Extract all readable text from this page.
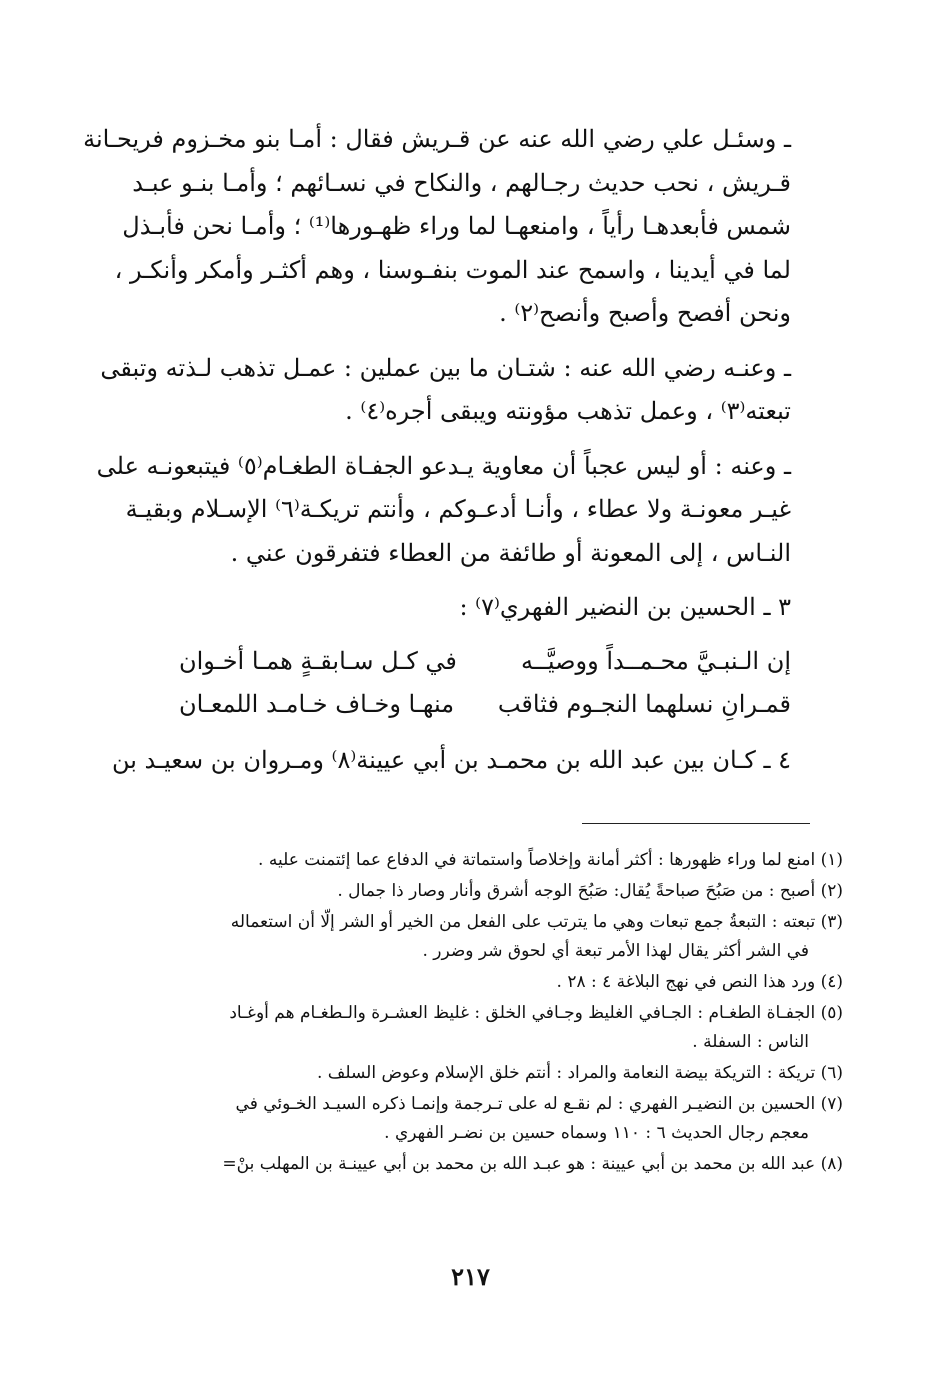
ـ وسئـل علي رضي الله عنه عن قـريش فقال : أمـا بنو مخـزوم فريحـانة
قـريش ، نحب حديث رجـالهم ، والنكاح في نسـائهم ؛ وأمـا بنـو عبـد
شمس فأبعدهـا رأياً ، وامنعهـا لما وراء ظهـورها⁽¹⁾ ؛ وأمـا نحن فأبـذل
لما في أيدينا ، واسمح عند الموت بنفـوسنا ، وهم أكثـر وأمكر وأنكـر ،
ونحن أفصح وأصبح وأنصح⁽٢⁾ .
ـ وعنـه رضي الله عنه : شتـان ما بين عملين : عمـل تذهب لـذته وتبقى
تبعته⁽٣⁾ ، وعمل تذهب مؤونته ويبقى أجره⁽٤⁾ .
ـ وعنه : أو ليس عجباً أن معاوية يـدعو الجفـاة الطغـام⁽٥⁾ فيتبعونـه على
غيـر معونـة ولا عطاء ، وأنـا أدعـوكم ، وأنتم تريكـة⁽٦⁾ الإسـلام وبقيـة
النـاس ، إلى المعونة أو طائفة من العطاء فتفرقون عني .
٣ ـ الحسين بن النضير الفهري⁽٧⁾ :
إن الـنبـيَّ محـمــداً ووصيَّــه
في كـل سـابقـةٍ همـا أخـوان
قمـرانِ نسلهما النجـوم فثاقب
منهـا وخـاف خـامـد اللمعـان
٤ ـ كـان بين عبد الله بن محمـد بن أبي عيينة⁽٨⁾ ومـروان بن سعيـد بن
(١) امنع لما وراء ظهورها : أكثر أمانة وإخلاصاً واستماتة في الدفاع عما إئتمنت عليه .
(٢) أصبح : من صَبُحَ صباحةً يُقال: صَبُحَ الوجه أشرق وأنار وصار ذا جمال .
(٣) تبعته : التبعةُ جمع تبعات وهي ما يترتب على الفعل من الخير أو الشر إلّا أن استعماله
في الشر أكثر يقال لهذا الأمر تبعة أي لحوق شر وضرر .
(٤) ورد هذا النص في نهج البلاغة ٤ : ٢٨ .
(٥) الجفـاة الطغـام : الجـافي الغليظ وجـافي الخلق : غليظ العشـرة والـطغـام هم أوغـاد
الناس : السفلة .
(٦) تريكة : التريكة بيضة النعامة والمراد : أنتم خلق الإسلام وعوض السلف .
(٧) الحسين بن النضيـر الفهري : لم نقـع له على تـرجمة وإنمـا ذكره السيـد الخـوئي في
معجم رجال الحديث ٦ : ١١٠ وسماه حسين بن نضـر الفهري .
(٨) عبد الله بن محمد بن أبي عيينة : هو عبـد الله بن محمد بن أبي عيينـة بن المهلب بنْ=
٢١٧
